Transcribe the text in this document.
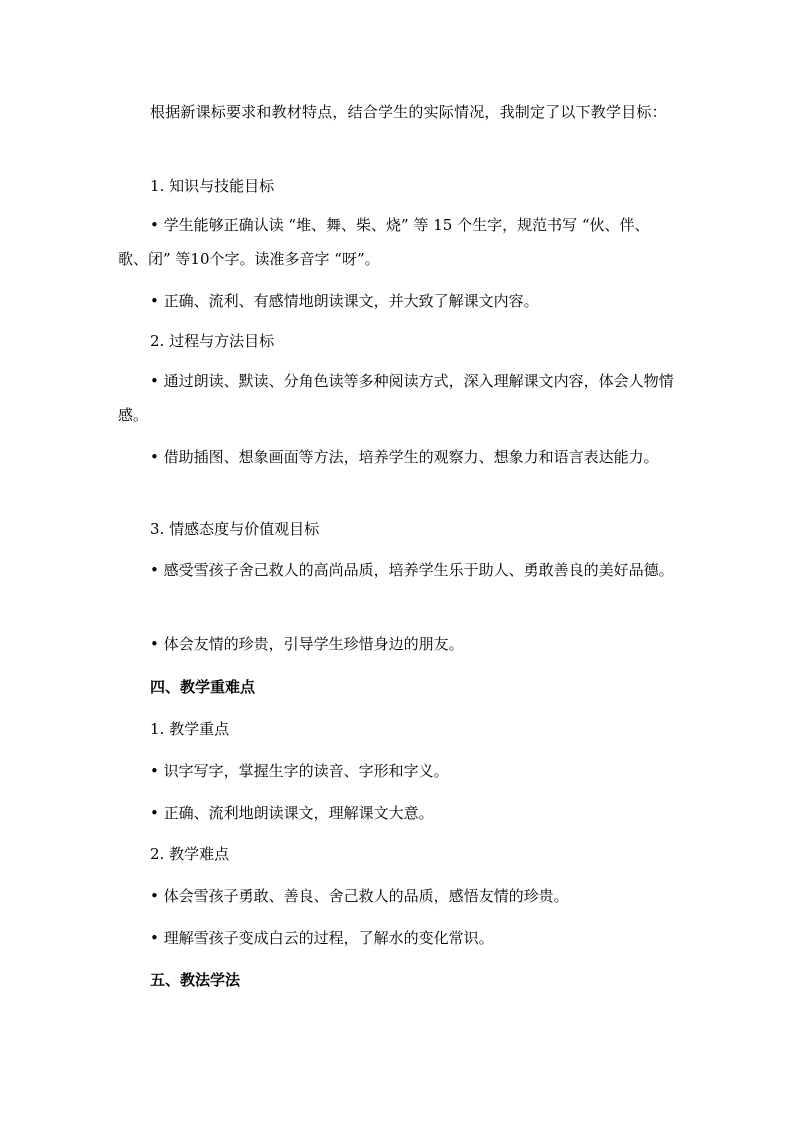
根据新课标要求和教材特点，结合学生的实际情况，我制定了以下教学目标：

1. 知识与技能目标

• 学生能够正确认读 “堆、舞、柴、烧” 等 15 个生字，规范书写 “伙、伴、歌、闭” 等10个字。读准多音字 “呀”。

• 正确、流利、有感情地朗读课文，并大致了解课文内容。

2. 过程与方法目标

• 通过朗读、默读、分角色读等多种阅读方式，深入理解课文内容，体会人物情感。

• 借助插图、想象画面等方法，培养学生的观察力、想象力和语言表达能力。

3. 情感态度与价值观目标

• 感受雪孩子舍己救人的高尚品质，培养学生乐于助人、勇敢善良的美好品德。

• 体会友情的珍贵，引导学生珍惜身边的朋友。

四、教学重难点

1. 教学重点

• 识字写字，掌握生字的读音、字形和字义。

• 正确、流利地朗读课文，理解课文大意。

2. 教学难点

• 体会雪孩子勇敢、善良、舍己救人的品质，感悟友情的珍贵。

• 理解雪孩子变成白云的过程，了解水的变化常识。

五、教法学法
